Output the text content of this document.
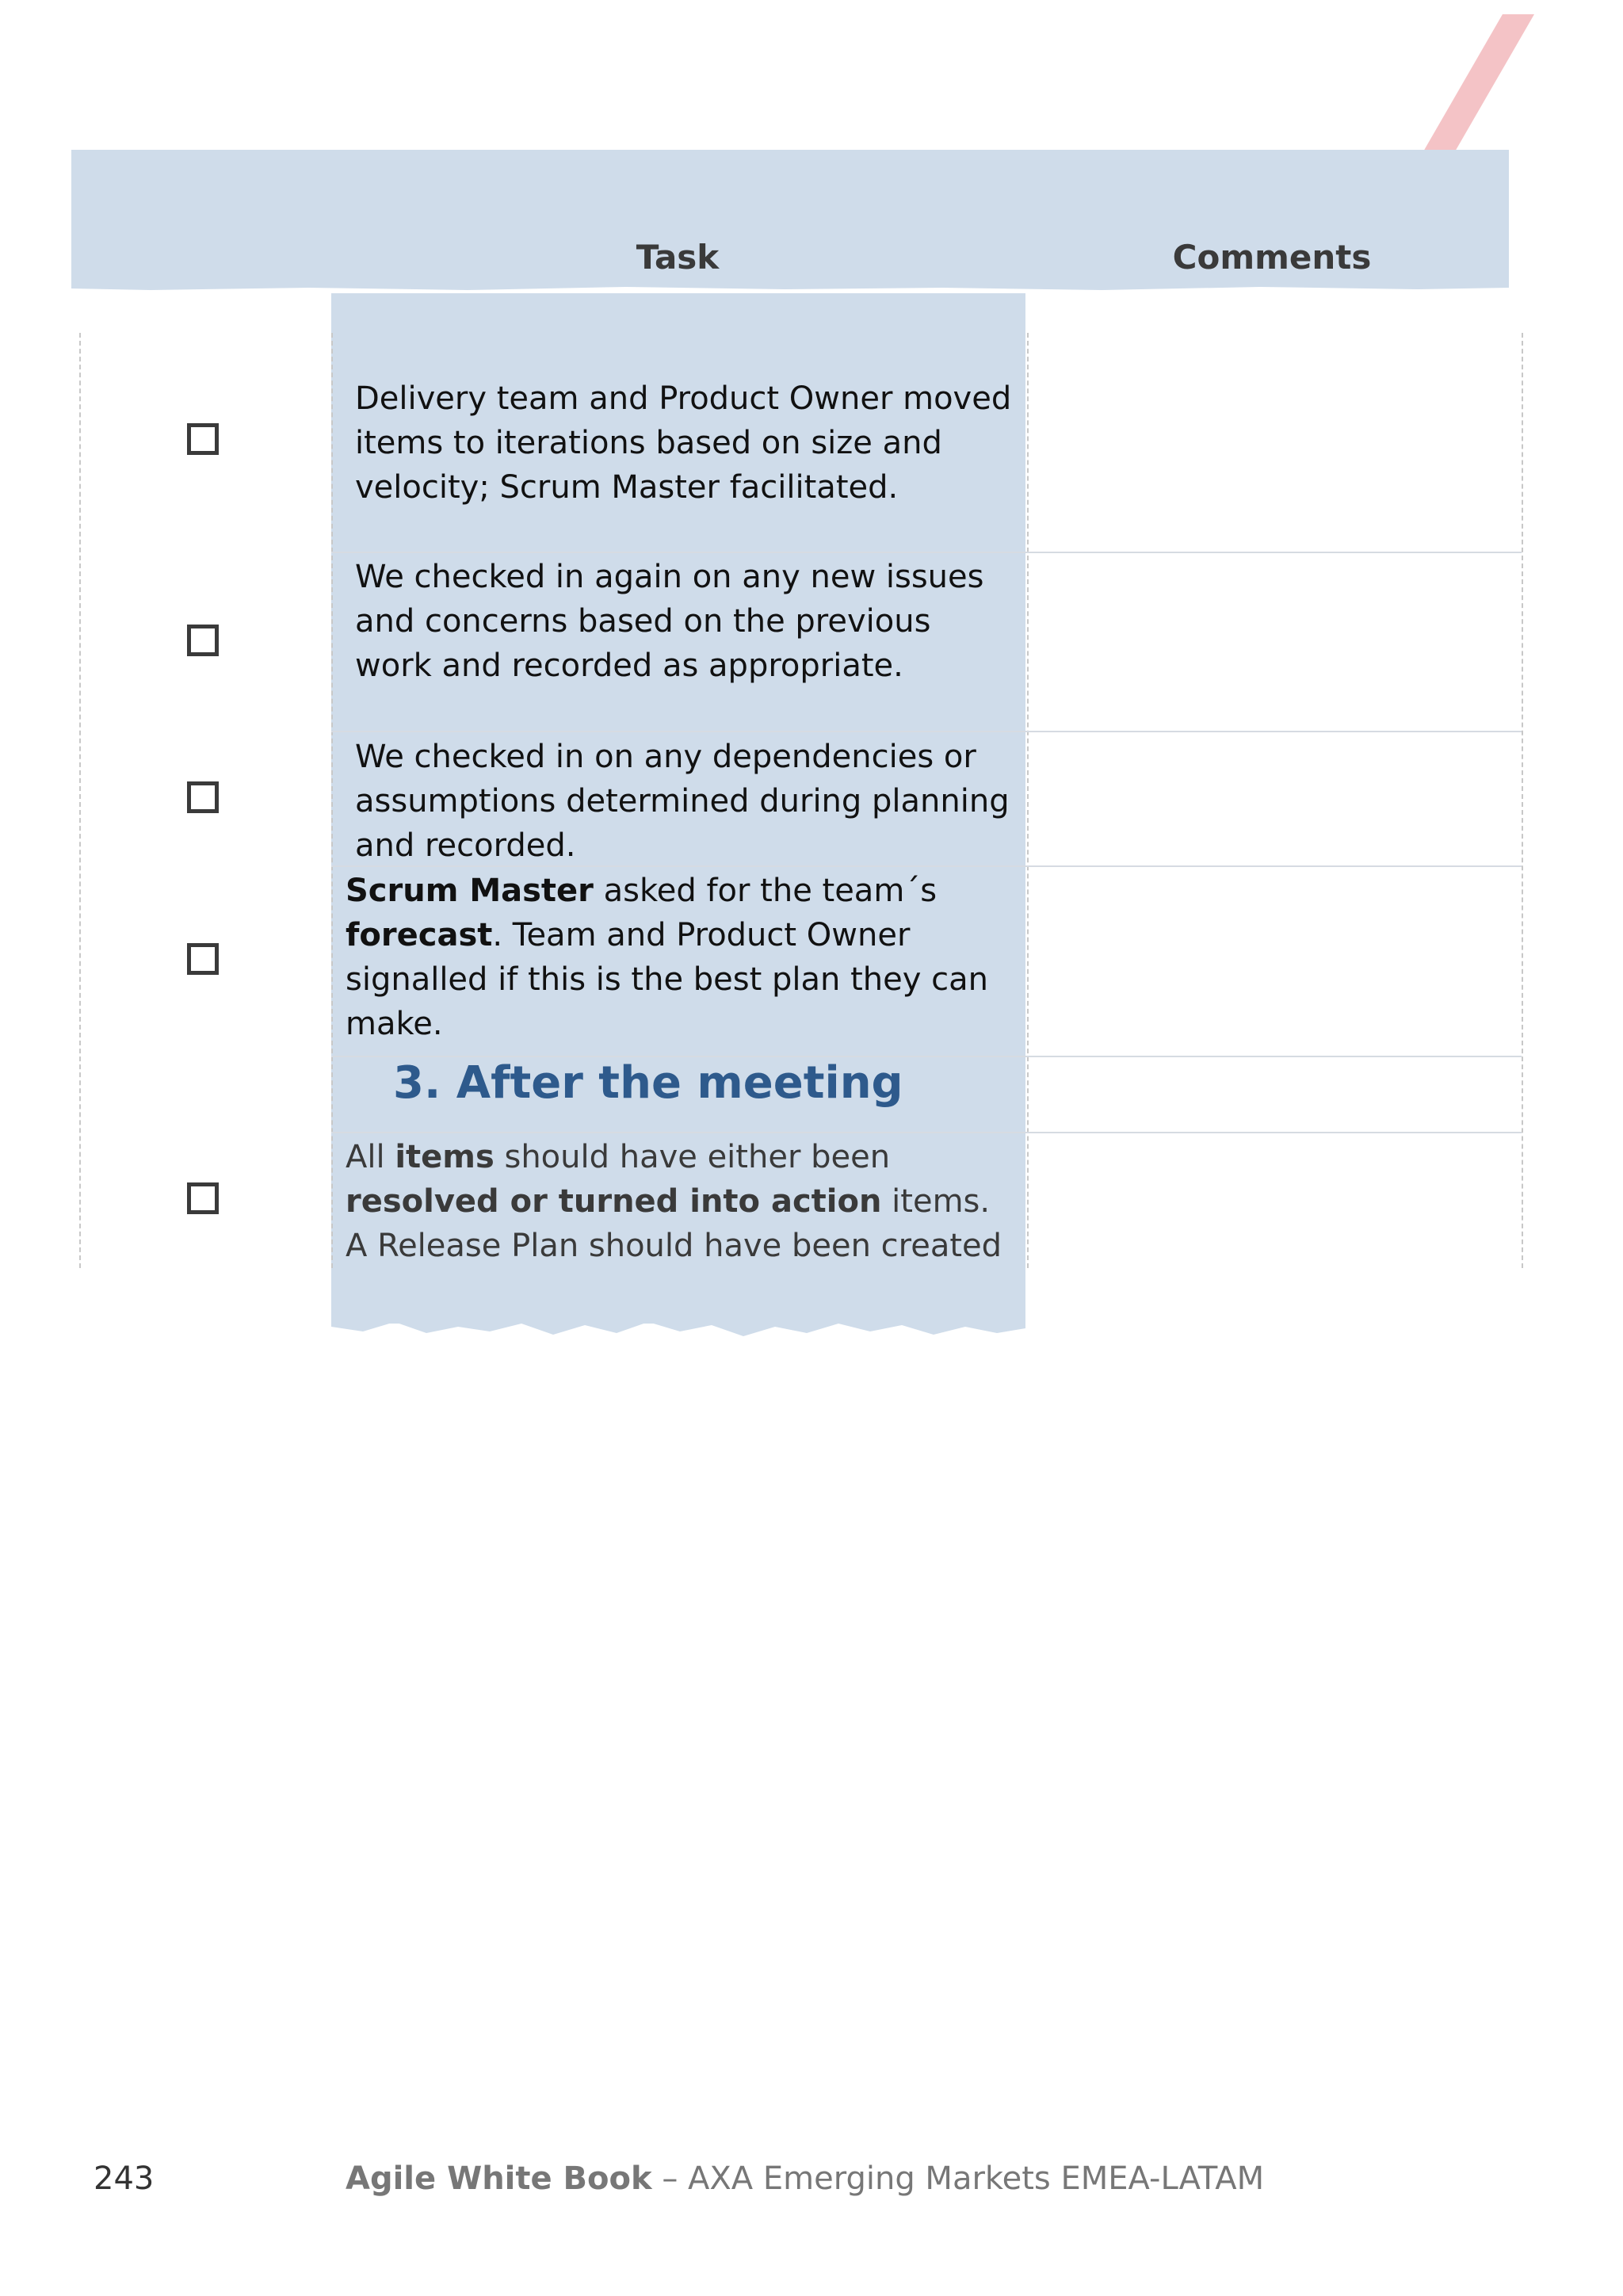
Task	Comments
Delivery team and Product Owner moved items to iterations based on size and velocity; Scrum Master facilitated.
We checked in again on any new issues and concerns based on the previous work and recorded as appropriate.
We checked in on any dependencies or assumptions determined during planning and recorded.
Scrum Master asked for the team´s forecast. Team and Product Owner signalled if this is the best plan they can make.
3. After the meeting
All items should have either been resolved or turned into action items. A Release Plan should have been created
243	Agile White Book – AXA Emerging Markets EMEA-LATAM
